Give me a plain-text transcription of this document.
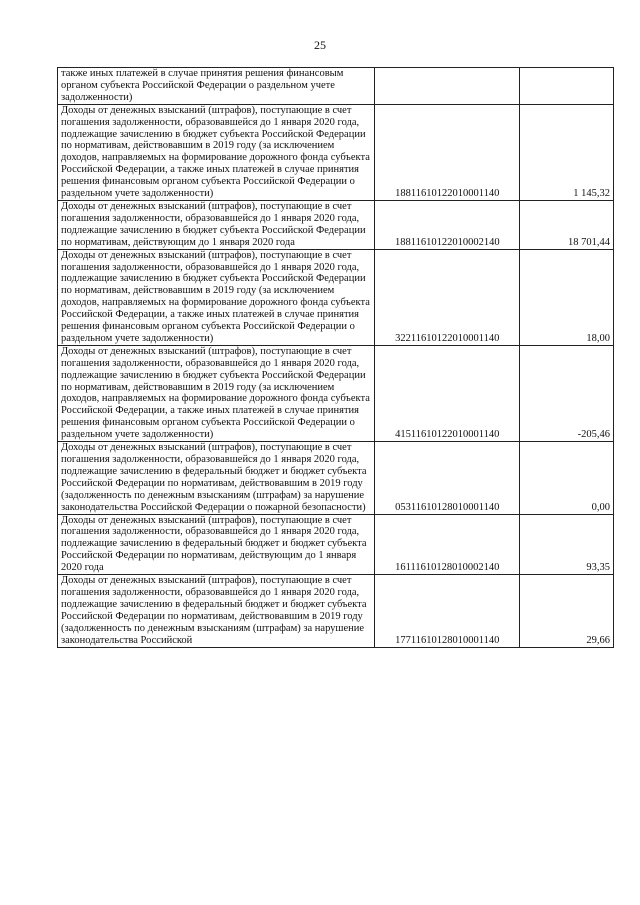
25
также иных платежей в случае принятия решения финансовым органом субъекта Российской Федерации о раздельном учете задолженности)		
Доходы от денежных взысканий (штрафов), поступающие в счет погашения задолженности, образовавшейся до 1 января 2020 года, подлежащие зачислению в бюджет субъекта Российской Федерации по нормативам, действовавшим в 2019 году (за исключением доходов, направляемых на формирование дорожного фонда субъекта Российской Федерации, а также иных платежей в случае принятия решения финансовым органом субъекта Российской Федерации о раздельном учете задолженности)	18811610122010001140	1 145,32
Доходы от денежных взысканий (штрафов), поступающие в счет погашения задолженности, образовавшейся до 1 января 2020 года, подлежащие зачислению в бюджет субъекта Российской Федерации по нормативам, действующим до 1 января 2020 года	18811610122010002140	18 701,44
Доходы от денежных взысканий (штрафов), поступающие в счет погашения задолженности, образовавшейся до 1 января 2020 года, подлежащие зачислению в бюджет субъекта Российской Федерации по нормативам, действовавшим в 2019 году (за исключением доходов, направляемых на формирование дорожного фонда субъекта Российской Федерации, а также иных платежей в случае принятия решения финансовым органом субъекта Российской Федерации о раздельном учете задолженности)	32211610122010001140	18,00
Доходы от денежных взысканий (штрафов), поступающие в счет погашения задолженности, образовавшейся до 1 января 2020 года, подлежащие зачислению в бюджет субъекта Российской Федерации по нормативам, действовавшим в 2019 году (за исключением доходов, направляемых на формирование дорожного фонда субъекта Российской Федерации, а также иных платежей в случае принятия решения финансовым органом субъекта Российской Федерации о раздельном учете задолженности)	41511610122010001140	-205,46
Доходы от денежных взысканий (штрафов), поступающие в счет погашения задолженности, образовавшейся до 1 января 2020 года, подлежащие зачислению в федеральный бюджет и бюджет субъекта Российской Федерации по нормативам, действовавшим в 2019 году (задолженность по денежным взысканиям (штрафам) за нарушение законодательства Российской Федерации о пожарной безопасности)	05311610128010001140	0,00
Доходы от денежных взысканий (штрафов), поступающие в счет погашения задолженности, образовавшейся до 1 января 2020 года, подлежащие зачислению в федеральный бюджет и бюджет субъекта Российской Федерации по нормативам, действующим до 1 января 2020 года	16111610128010002140	93,35
Доходы от денежных взысканий (штрафов), поступающие в счет погашения задолженности, образовавшейся до 1 января 2020 года, подлежащие зачислению в федеральный бюджет и бюджет субъекта Российской Федерации по нормативам, действовавшим в 2019 году (задолженность по денежным взысканиям (штрафам) за нарушение законодательства Российской	17711610128010001140	29,66
